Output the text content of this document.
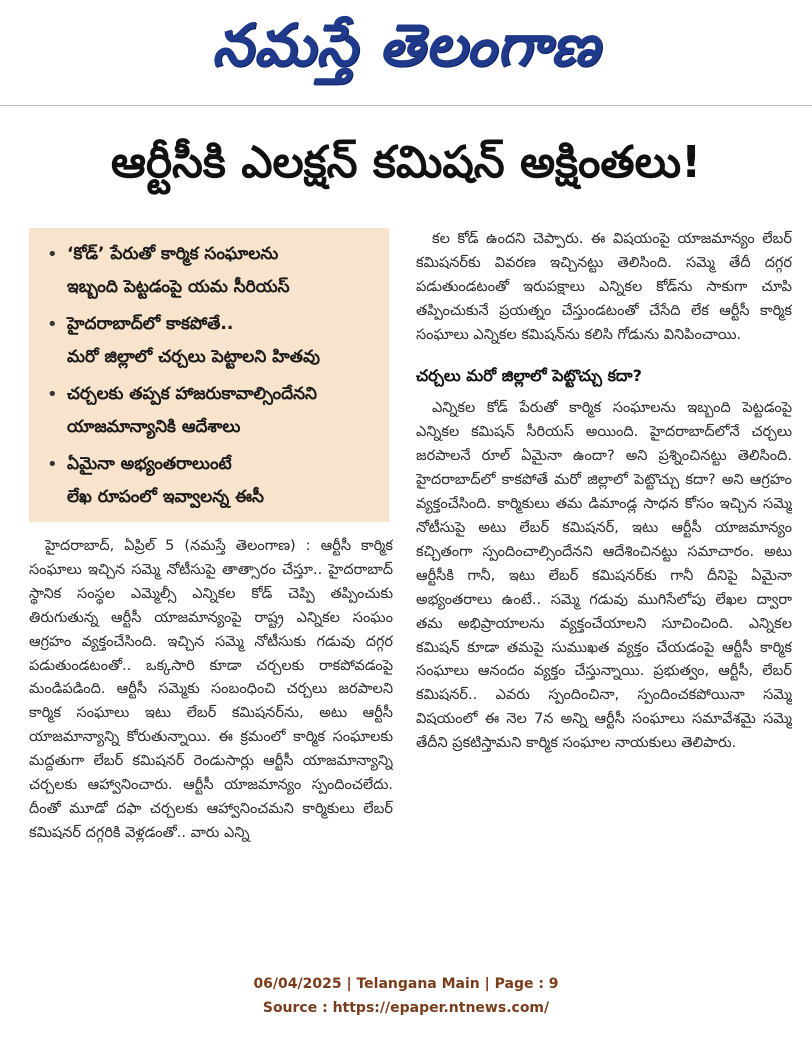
నమస్తే తెలంగాణ
ఆర్టీసీకి ఎలక్షన్ కమిషన్ అక్షింతలు!
• ‘కోడ్’ పేరుతో కార్మిక సంఘాలను
ఇబ్బంది పెట్టడంపై యమ సీరియస్
• హైదరాబాద్‌లో కాకపోతే..
మరో జిల్లాలో చర్చలు పెట్టాలని హితవు
• చర్చలకు తప్పక హాజరుకావాల్సిందేనని
యాజమాన్యానికి ఆదేశాలు
• ఏమైనా అభ్యంతరాలుంటే
లేఖ రూపంలో ఇవ్వాలన్న ఈసీ

హైదరాబాద్, ఏప్రిల్ 5 (నమస్తే తెలంగాణ) : ఆర్టీసీ కార్మిక సంఘాలు ఇచ్చిన సమ్మె నోటీసుపై తాత్సారం చేస్తూ.. హైదరాబాద్ స్థానిక సంస్థల ఎమ్మెల్సీ ఎన్నికల కోడ్ చెప్పి తప్పించుకు తిరుగుతున్న ఆర్టీసీ యాజమాన్యంపై రాష్ట్ర ఎన్నికల సంఘం ఆగ్రహం వ్యక్తంచేసింది. ఇచ్చిన సమ్మె నోటీసుకు గడువు దగ్గర పడుతుండటంతో.. ఒక్కసారి కూడా చర్చలకు రాకపోవడంపై మండిపడింది. ఆర్టీసీ సమ్మెకు సంబంధించి చర్చలు జరపాలని కార్మిక సంఘాలు ఇటు లేబర్ కమిషనర్‌ను, అటు ఆర్టీసీ యాజమాన్యాన్ని కోరుతున్నాయి. ఈ క్రమంలో కార్మిక సంఘాలకు మద్దతుగా లేబర్ కమిషనర్ రెండుసార్లు ఆర్టీసీ యాజమాన్యాన్ని చర్చలకు ఆహ్వానించారు. ఆర్టీసీ యాజమాన్యం స్పందించలేదు. దీంతో మూడో దఫా చర్చలకు ఆహ్వానించమని కార్మికులు లేబర్ కమిషనర్ దగ్గరికి వెళ్లడంతో.. వారు ఎన్ని

కల కోడ్ ఉందని చెప్పారు. ఈ విషయంపై యాజమాన్యం లేబర్ కమిషనర్‌కు వివరణ ఇచ్చినట్టు తెలిసింది. సమ్మె తేదీ దగ్గర పడుతుండటంతో ఇరుపక్షాలు ఎన్నికల కోడ్‌ను సాకుగా చూపి తప్పించుకునే ప్రయత్నం చేస్తుండటంతో చేసేది లేక ఆర్టీసీ కార్మిక సంఘాలు ఎన్నికల కమిషన్‌ను కలిసి గోడును వినిపించాయి.

చర్చలు మరో జిల్లాలో పెట్టొచ్చు కదా?

ఎన్నికల కోడ్ పేరుతో కార్మిక సంఘాలను ఇబ్బంది పెట్టడంపై ఎన్నికల కమిషన్ సీరియస్ అయింది. హైదరాబాద్‌లోనే చర్చలు జరపాలనే రూల్ ఏమైనా ఉందా? అని ప్రశ్నించినట్టు తెలిసింది. హైదరాబాద్‌లో కాకపోతే మరో జిల్లాలో పెట్టొచ్చు కదా? అని ఆగ్రహం వ్యక్తంచేసింది. కార్మికులు తమ డిమాండ్ల సాధన కోసం ఇచ్చిన సమ్మె నోటీసుపై అటు లేబర్ కమిషనర్, ఇటు ఆర్టీసీ యాజమాన్యం కచ్చితంగా స్పందించాల్సిందేనని ఆదేశించినట్టు సమాచారం. అటు ఆర్టీసీకి గానీ, ఇటు లేబర్ కమిషనర్‌కు గానీ దీనిపై ఏమైనా అభ్యంతరాలు ఉంటే.. సమ్మె గడువు ముగిసేలోపు లేఖల ద్వారా తమ అభిప్రాయాలను వ్యక్తంచేయాలని సూచించింది. ఎన్నికల కమిషన్ కూడా తమపై సుముఖత వ్యక్తం చేయడంపై ఆర్టీసీ కార్మిక సంఘాలు ఆనందం వ్యక్తం చేస్తున్నాయి. ప్రభుత్వం, ఆర్టీసీ, లేబర్ కమిషనర్.. ఎవరు స్పందించినా, స్పందించకపోయినా సమ్మె విషయంలో ఈ నెల 7న అన్ని ఆర్టీసీ సంఘాలు సమావేశమై సమ్మె తేదీని ప్రకటిస్తామని కార్మిక సంఘాల నాయకులు తెలిపారు.

06/04/2025 | Telangana Main | Page : 9
Source : https://epaper.ntnews.com/
